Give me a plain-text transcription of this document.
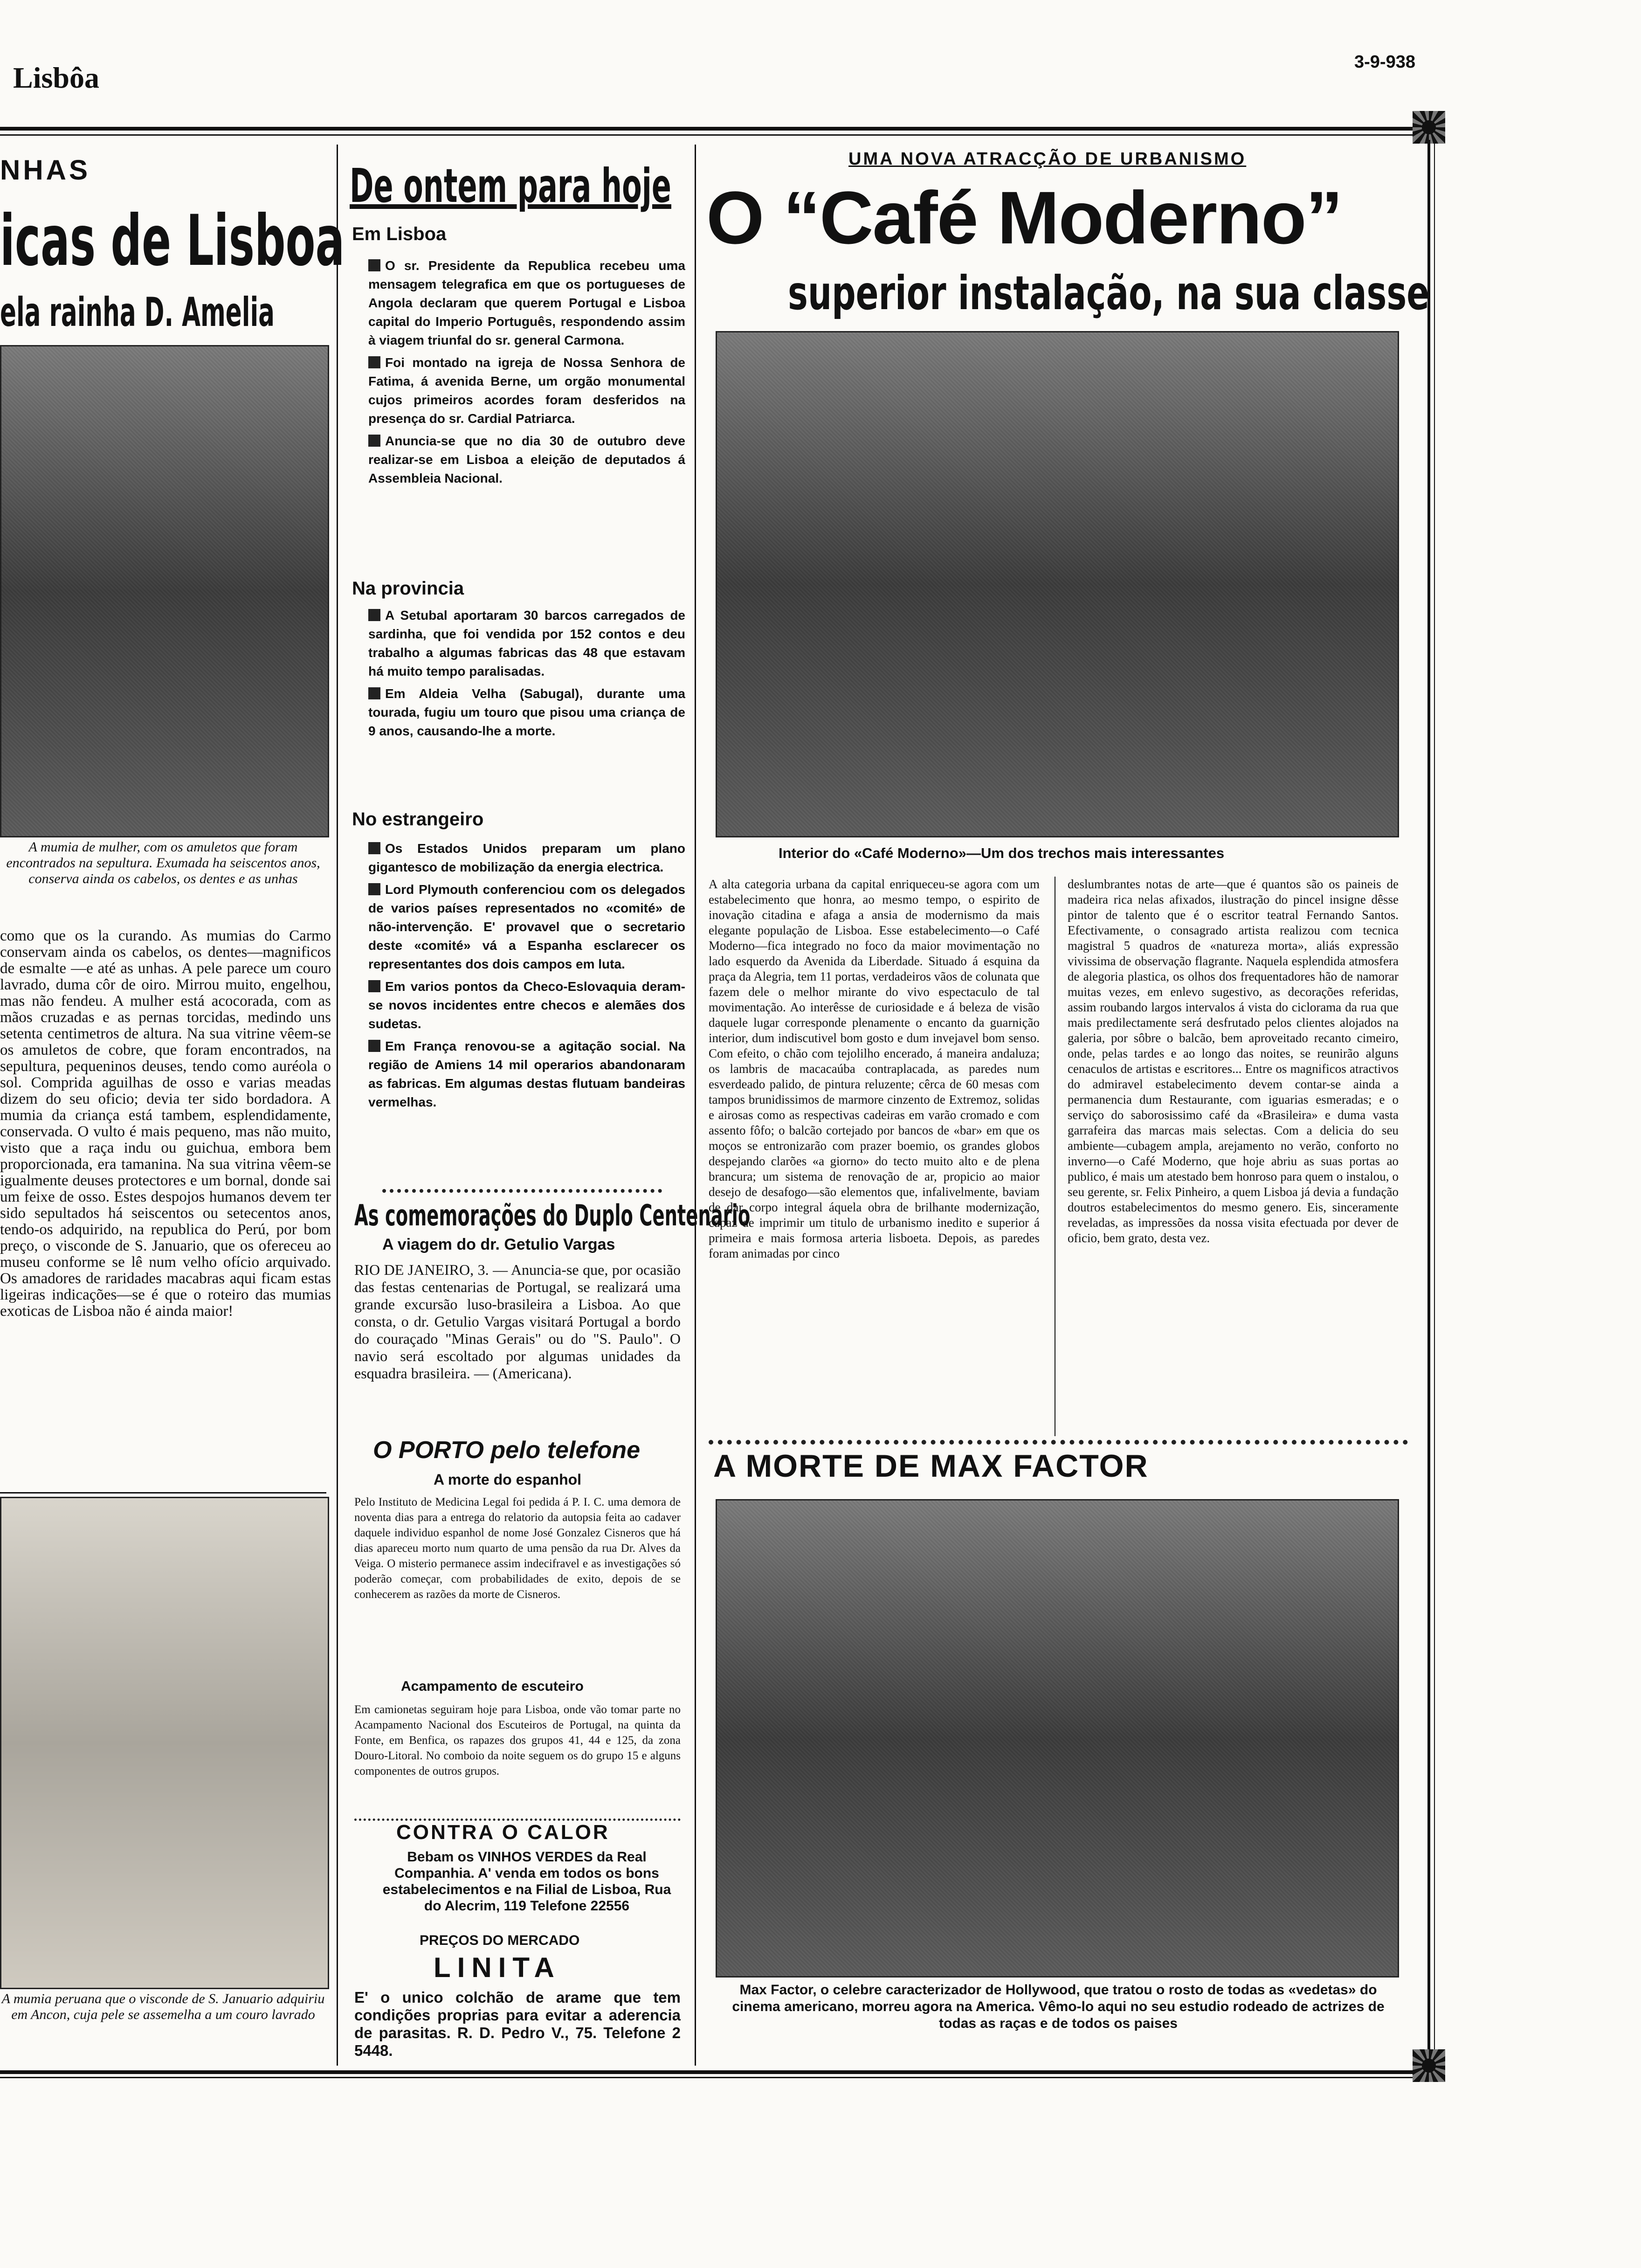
Lisbôa	3-9-938
NHAS
icas de Lisboa
ela rainha D. Amelia
A mumia de mulher, com os amuletos que foram encontrados na sepultura. Exumada ha seiscentos anos, conserva ainda os cabelos, os dentes e as unhas
como que os la curando. As mumias do Carmo conservam ainda os cabelos, os dentes—magnificos de esmalte —e até as unhas. A pele parece um couro lavrado, duma côr de oiro. Mirrou muito, engelhou, mas não fendeu. A mulher está acocorada, com as mãos cruzadas e as pernas torcidas, medindo uns setenta centimetros de altura. Na sua vitrine vêem-se os amuletos de cobre, que foram encontrados, na sepultura, pequeninos deuses, tendo como auréola o sol. Comprida aguilhas de osso e varias meadas dizem do seu oficio; devia ter sido bordadora. A mumia da criança está tambem, esplendidamente, conservada. O vulto é mais pequeno, mas não muito, visto que a raça indu ou guichua, embora bem proporcionada, era tamanina. Na sua vitrina vêem-se igualmente deuses protectores e um bornal, donde sai um feixe de osso. Estes despojos humanos devem ter sido sepultados há seiscentos ou setecentos anos, tendo-os adquirido, na republica do Perú, por bom preço, o visconde de S. Januario, que os ofereceu ao museu conforme se lê num velho ofício arquivado. Os amadores de raridades macabras aqui ficam estas ligeiras indicações—se é que o roteiro das mumias exoticas de Lisboa não é ainda maior!
A mumia peruana que o visconde de S. Januario adquiriu em Ancon, cuja pele se assemelha a um couro lavrado
De ontem para hoje
Em Lisboa
O sr. Presidente da Republica recebeu uma mensagem telegrafica em que os portugueses de Angola declaram que querem Portugal e Lisboa capital do Imperio Português, respondendo assim à viagem triunfal do sr. general Carmona.
Foi montado na igreja de Nossa Senhora de Fatima, á avenida Berne, um orgão monumental cujos primeiros acordes foram desferidos na presença do sr. Cardial Patriarca.
Anuncia-se que no dia 30 de outubro deve realizar-se em Lisboa a eleição de deputados á Assembleia Nacional.
Na provincia
A Setubal aportaram 30 barcos carregados de sardinha, que foi vendida por 152 contos e deu trabalho a algumas fabricas das 48 que estavam há muito tempo paralisadas.
Em Aldeia Velha (Sabugal), durante uma tourada, fugiu um touro que pisou uma criança de 9 anos, causando-lhe a morte.
No estrangeiro
Os Estados Unidos preparam um plano gigantesco de mobilização da energia electrica.
Lord Plymouth conferenciou com os delegados de varios países representados no «comité» de não-intervenção. E' provavel que o secretario deste «comité» vá a Espanha esclarecer os representantes dos dois campos em luta.
Em varios pontos da Checo-Eslovaquia deram-se novos incidentes entre checos e alemães dos sudetas.
Em França renovou-se a agitação social. Na região de Amiens 14 mil operarios abandonaram as fabricas. Em algumas destas flutuam bandeiras vermelhas.
As comemorações do Duplo Centenario
A viagem do dr. Getulio Vargas
RIO DE JANEIRO, 3. — Anuncia-se que, por ocasião das festas centenarias de Portugal, se realizará uma grande excursão luso-brasileira a Lisboa. Ao que consta, o dr. Getulio Vargas visitará Portugal a bordo do couraçado "Minas Gerais" ou do "S. Paulo". O navio será escoltado por algumas unidades da esquadra brasileira. — (Americana).
O PORTO pelo telefone
A morte do espanhol
Pelo Instituto de Medicina Legal foi pedida á P. I. C. uma demora de noventa dias para a entrega do relatorio da autopsia feita ao cadaver daquele individuo espanhol de nome José Gonzalez Cisneros que há dias apareceu morto num quarto de uma pensão da rua Dr. Alves da Veiga. O misterio permanece assim indecifravel e as investigações só poderão começar, com probabilidades de exito, depois de se conhecerem as razões da morte de Cisneros.
Acampamento de escuteiro
Em camionetas seguiram hoje para Lisboa, onde vão tomar parte no Acampamento Nacional dos Escuteiros de Portugal, na quinta da Fonte, em Benfica, os rapazes dos grupos 41, 44 e 125, da zona Douro-Litoral. No comboio da noite seguem os do grupo 15 e alguns componentes de outros grupos.
CONTRA O CALOR
Bebam os VINHOS VERDES da Real Companhia. A' venda em todos os bons estabelecimentos e na Filial de Lisboa, Rua do Alecrim, 119 Telefone 22556
PREÇOS DO MERCADO
LINITA
E' o unico colchão de arame que tem condições proprias para evitar a aderencia de parasitas. R. D. Pedro V., 75. Telefone 2 5448.
UMA NOVA ATRACÇÃO DE URBANISMO
O “Café Moderno”
superior instalação, na sua classe
Interior do «Café Moderno»—Um dos trechos mais interessantes
A alta categoria urbana da capital enriqueceu-se agora com um estabelecimento que honra, ao mesmo tempo, o espirito de inovação citadina e afaga a ansia de modernismo da mais elegante população de Lisboa. Esse estabelecimento—o Café Moderno—fica integrado no foco da maior movimentação no lado esquerdo da Avenida da Liberdade. Situado á esquina da praça da Alegria, tem 11 portas, verdadeiros vãos de colunata que fazem dele o melhor mirante do vivo espectaculo de tal movimentação. Ao interêsse de curiosidade e á beleza de visão daquele lugar corresponde plenamente o encanto da guarnição interior, dum indiscutivel bom gosto e dum invejavel bom senso. Com efeito, o chão com tejolilho encerado, á maneira andaluza; os lambris de macacaúba contraplacada, as paredes num esverdeado palido, de pintura reluzente; cêrca de 60 mesas com tampos brunidissimos de marmore cinzento de Extremoz, solidas e airosas como as respectivas cadeiras em varão cromado e com assento fôfo; o balcão cortejado por bancos de «bar» em que os moços se entronizarão com prazer boemio, os grandes globos despejando clarões «a giorno» do tecto muito alto e de plena brancura; um sistema de renovação de ar, propicio ao maior desejo de desafogo—são elementos que, infalivelmente, baviam de dar corpo integral áquela obra de brilhante modernização, capaz de imprimir um titulo de urbanismo inedito e superior á primeira e mais formosa arteria lisboeta. Depois, as paredes foram animadas por cinco
deslumbrantes notas de arte—que é quantos são os paineis de madeira rica nelas afixados, ilustração do pincel insigne dêsse pintor de talento que é o escritor teatral Fernando Santos. Efectivamente, o consagrado artista realizou com tecnica magistral 5 quadros de «natureza morta», aliás expressão vivissima de observação flagrante. Naquela esplendida atmosfera de alegoria plastica, os olhos dos frequentadores hão de namorar muitas vezes, em enlevo sugestivo, as decorações referidas, assim roubando largos intervalos á vista do ciclorama da rua que mais predilectamente será desfrutado pelos clientes alojados na galeria, por sôbre o balcão, bem aproveitado recanto cimeiro, onde, pelas tardes e ao longo das noites, se reunirão alguns cenaculos de artistas e escritores... Entre os magnificos atractivos do admiravel estabelecimento devem contar-se ainda a permanencia dum Restaurante, com iguarias esmeradas; e o serviço do saborosissimo café da «Brasileira» e duma vasta garrafeira das marcas mais selectas. Com a delicia do seu ambiente—cubagem ampla, arejamento no verão, conforto no inverno—o Café Moderno, que hoje abriu as suas portas ao publico, é mais um atestado bem honroso para quem o instalou, o seu gerente, sr. Felix Pinheiro, a quem Lisboa já devia a fundação doutros estabelecimentos do mesmo genero. Eis, sinceramente reveladas, as impressões da nossa visita efectuada por dever de oficio, bem grato, desta vez.
A MORTE DE MAX FACTOR
Max Factor, o celebre caracterizador de Hollywood, que tratou o rosto de todas as «vedetas» do cinema americano, morreu agora na America. Vêmo-lo aqui no seu estudio rodeado de actrizes de todas as raças e de todos os paises
